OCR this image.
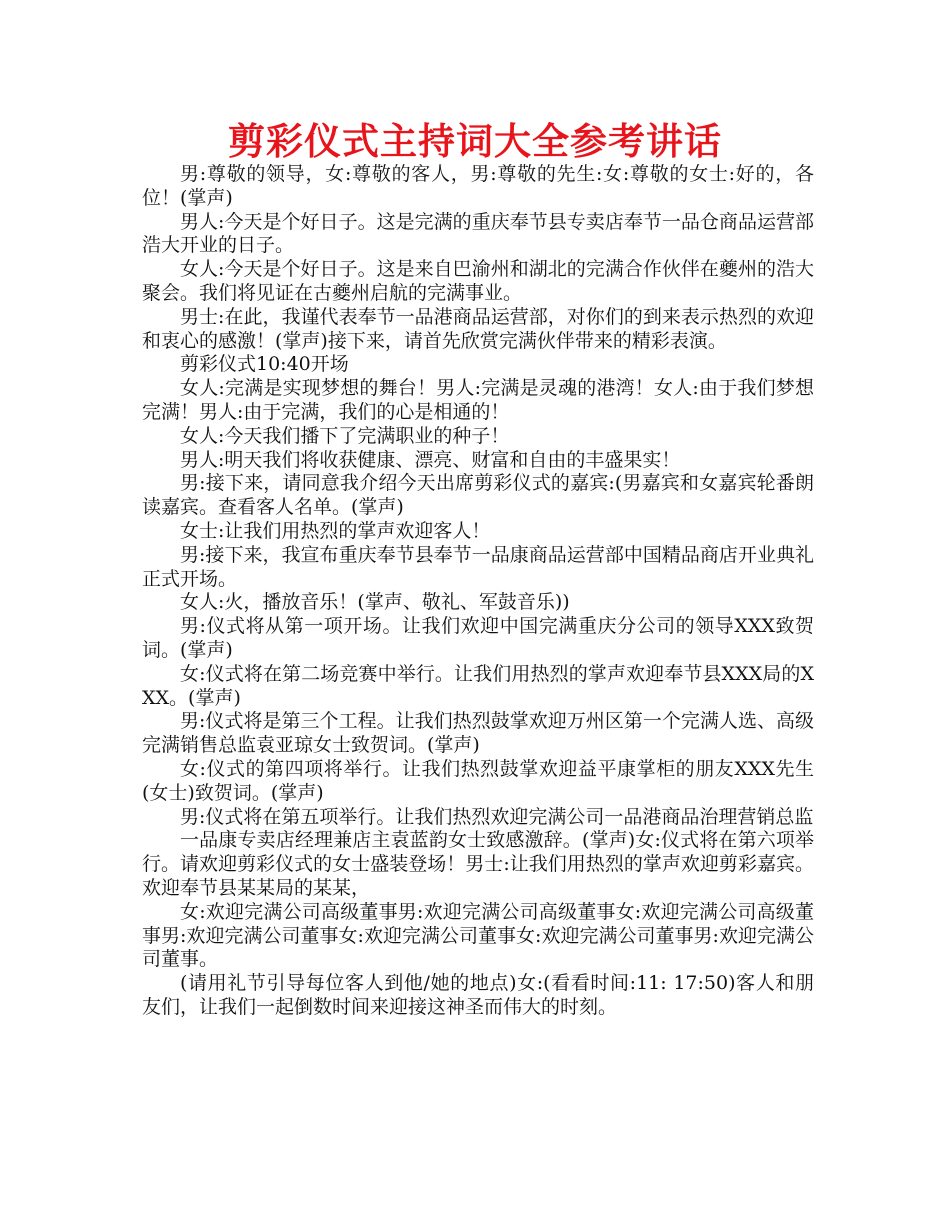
剪彩仪式主持词大全参考讲话

男:尊敬的领导，女:尊敬的客人，男:尊敬的先生:女:尊敬的女士:好的，各位！(掌声)

男人:今天是个好日子。这是完满的重庆奉节县专卖店奉节一品仓商品运营部浩大开业的日子。

女人:今天是个好日子。这是来自巴渝州和湖北的完满合作伙伴在夔州的浩大聚会。我们将见证在古夔州启航的完满事业。

男士:在此，我谨代表奉节一品港商品运营部，对你们的到来表示热烈的欢迎和衷心的感激！(掌声)接下来，请首先欣赏完满伙伴带来的精彩表演。

剪彩仪式10:40开场

女人:完满是实现梦想的舞台！男人:完满是灵魂的港湾！女人:由于我们梦想完满！男人:由于完满，我们的心是相通的！

女人:今天我们播下了完满职业的种子！

男人:明天我们将收获健康、漂亮、财富和自由的丰盛果实！

男:接下来，请同意我介绍今天出席剪彩仪式的嘉宾:(男嘉宾和女嘉宾轮番朗读嘉宾。查看客人名单。(掌声)

女士:让我们用热烈的掌声欢迎客人！

男:接下来，我宣布重庆奉节县奉节一品康商品运营部中国精品商店开业典礼正式开场。

女人:火，播放音乐！(掌声、敬礼、军鼓音乐))

男:仪式将从第一项开场。让我们欢迎中国完满重庆分公司的领导XXX致贺词。(掌声)

女:仪式将在第二场竞赛中举行。让我们用热烈的掌声欢迎奉节县XXX局的XXX。(掌声)

男:仪式将是第三个工程。让我们热烈鼓掌欢迎万州区第一个完满人选、高级完满销售总监袁亚琼女士致贺词。(掌声)

女:仪式的第四项将举行。让我们热烈鼓掌欢迎益平康掌柜的朋友XXX先生(女士)致贺词。(掌声)

男:仪式将在第五项举行。让我们热烈欢迎完满公司一品港商品治理营销总监

一品康专卖店经理兼店主袁蓝韵女士致感激辞。(掌声)女:仪式将在第六项举行。请欢迎剪彩仪式的女士盛装登场！男士:让我们用热烈的掌声欢迎剪彩嘉宾。欢迎奉节县某某局的某某，

女:欢迎完满公司高级董事男:欢迎完满公司高级董事女:欢迎完满公司高级董事男:欢迎完满公司董事女:欢迎完满公司董事女:欢迎完满公司董事男:欢迎完满公司董事。

(请用礼节引导每位客人到他/她的地点)女:(看看时间:11: 17:50)客人和朋友们，让我们一起倒数时间来迎接这神圣而伟大的时刻。
